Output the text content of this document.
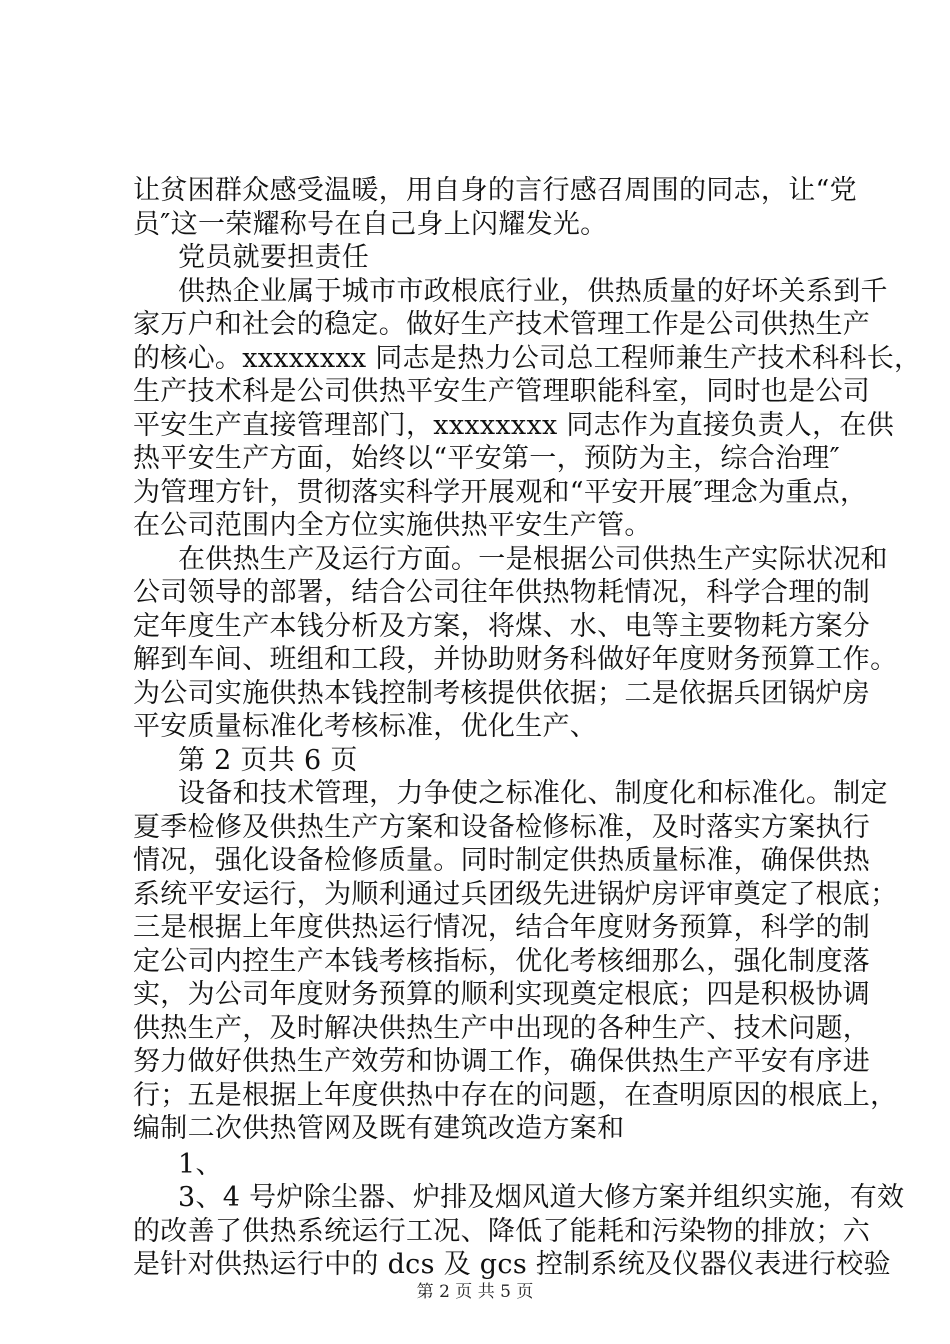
让贫困群众感受温暖，用自身的言行感召周围的同志，让“党
员″这一荣耀称号在自己身上闪耀发光。
党员就要担责任
供热企业属于城市市政根底行业，供热质量的好坏关系到千
家万户和社会的稳定。做好生产技术管理工作是公司供热生产
的核心。xxxxxxxx 同志是热力公司总工程师兼生产技术科科长，
生产技术科是公司供热平安生产管理职能科室，同时也是公司
平安生产直接管理部门，xxxxxxxx 同志作为直接负责人，在供
热平安生产方面，始终以“平安第一，预防为主，综合治理″
为管理方针，贯彻落实科学开展观和“平安开展″理念为重点，
在公司范围内全方位实施供热平安生产管。
在供热生产及运行方面。一是根据公司供热生产实际状况和
公司领导的部署，结合公司往年供热物耗情况，科学合理的制
定年度生产本钱分析及方案，将煤、水、电等主要物耗方案分
解到车间、班组和工段，并协助财务科做好年度财务预算工作。
为公司实施供热本钱控制考核提供依据；二是依据兵团锅炉房
平安质量标准化考核标准，优化生产、
第 2 页共 6 页
设备和技术管理，力争使之标准化、制度化和标准化。制定
夏季检修及供热生产方案和设备检修标准，及时落实方案执行
情况，强化设备检修质量。同时制定供热质量标准，确保供热
系统平安运行，为顺利通过兵团级先进锅炉房评审奠定了根底；
三是根据上年度供热运行情况，结合年度财务预算，科学的制
定公司内控生产本钱考核指标，优化考核细那么，强化制度落
实，为公司年度财务预算的顺利实现奠定根底；四是积极协调
供热生产，及时解决供热生产中出现的各种生产、技术问题，
努力做好供热生产效劳和协调工作，确保供热生产平安有序进
行；五是根据上年度供热中存在的问题，在查明原因的根底上，
编制二次供热管网及既有建筑改造方案和
1、
3、4 号炉除尘器、炉排及烟风道大修方案并组织实施，有效
的改善了供热系统运行工况、降低了能耗和污染物的排放；六
是针对供热运行中的 dcs 及 gcs 控制系统及仪器仪表进行校验
第 2 页 共 5 页
